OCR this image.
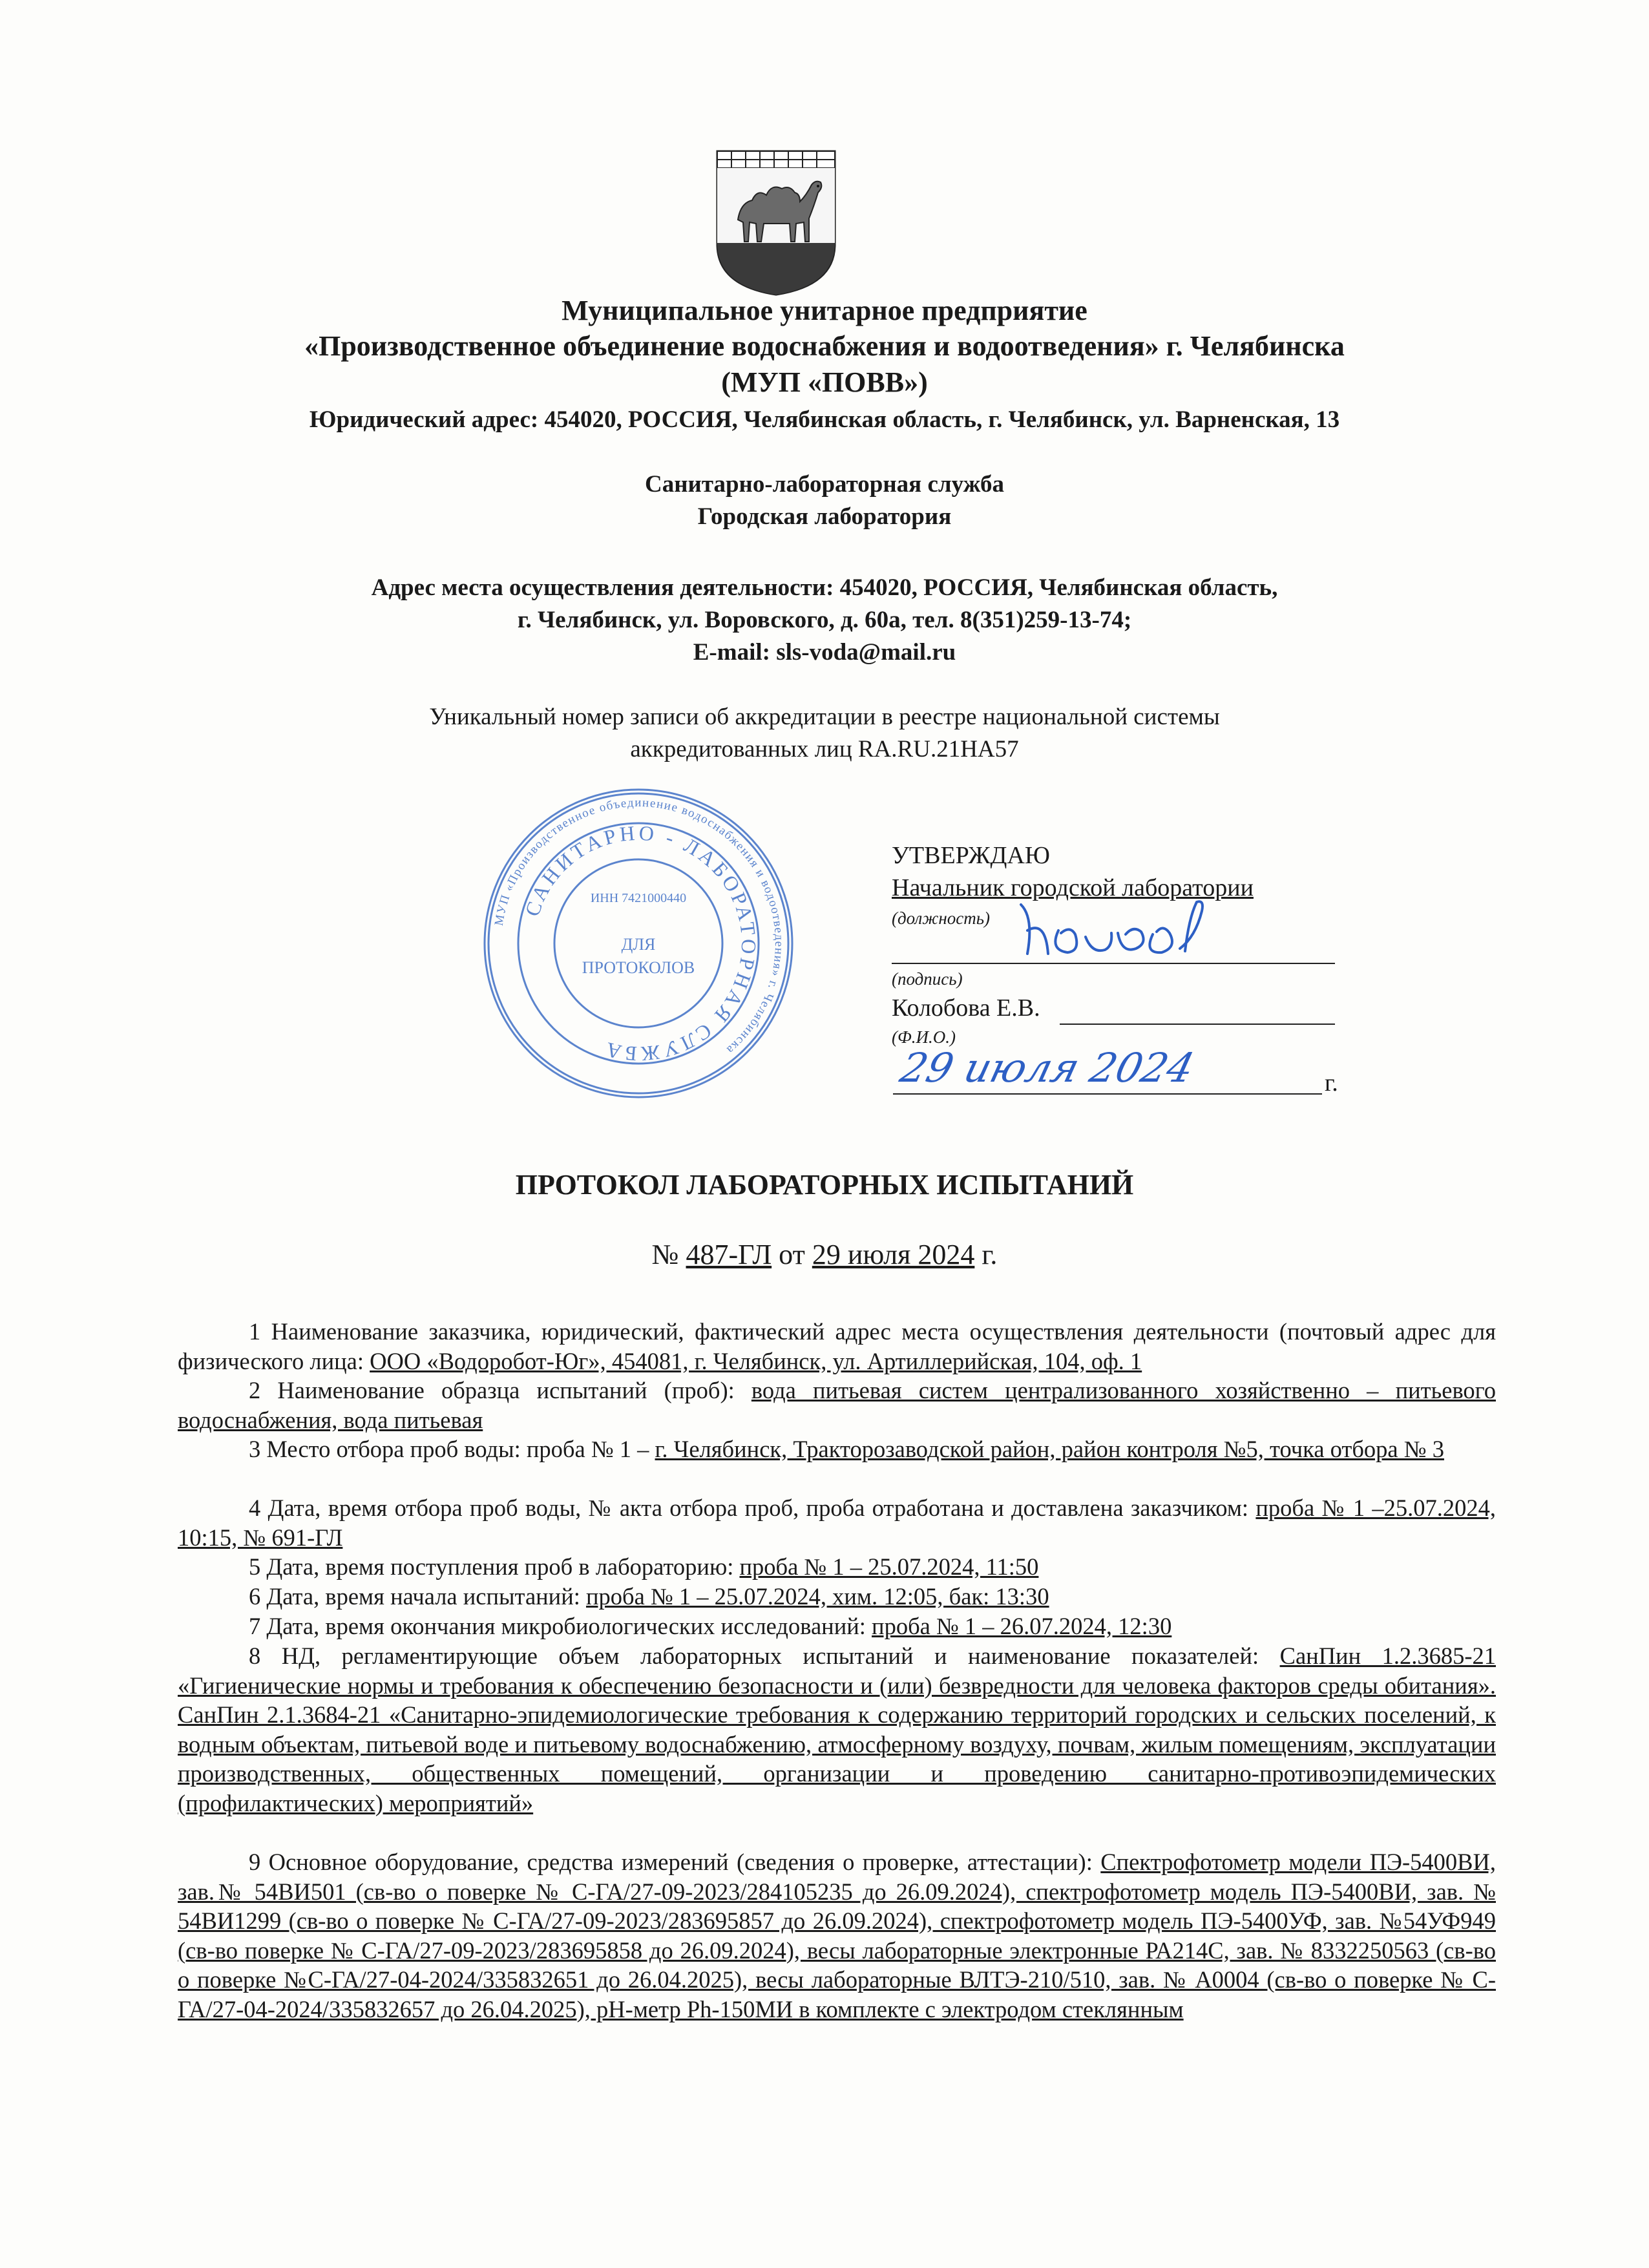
Муниципальное унитарное предприятие
«Производственное объединение водоснабжения и водоотведения» г. Челябинска
(МУП «ПОВВ»)
Юридический адрес: 454020, РОССИЯ, Челябинская область, г. Челябинск, ул. Варненская, 13
Санитарно-лабораторная служба
Городская лаборатория
Адрес места осуществления деятельности: 454020, РОССИЯ, Челябинская область,
г. Челябинск, ул. Воровского, д. 60а, тел. 8(351)259-13-74;
E-mail: sls-voda@mail.ru
Уникальный номер записи об аккредитации в реестре национальной системы
аккредитованных лиц RA.RU.21НА57
МУП «Производственное объединение водоснабжения и водоотведения» г. Челябинска
САНИТАРНО - ЛАБОРАТОРНАЯ СЛУЖБА
ИНН 7421000440
ДЛЯ
ПРОТОКОЛОВ
УТВЕРЖДАЮ
Начальник городской лаборатории
(должность)
(подпись)
Колобова Е.В.
(Ф.И.О.)
29 июля 2024	г.
ПРОТОКОЛ ЛАБОРАТОРНЫХ ИСПЫТАНИЙ
№ 487-ГЛ от 29 июля 2024 г.
1 Наименование заказчика, юридический, фактический адрес места осуществления деятельности (почтовый адрес для физического лица: ООО «Водоробот-Юг», 454081, г. Челябинск, ул. Артиллерийская, 104, оф. 1
2 Наименование образца испытаний (проб): вода питьевая систем централизованного хозяйственно – питьевого водоснабжения, вода питьевая
3 Место отбора проб воды: проба № 1 – г. Челябинск, Тракторозаводской район, район контроля №5, точка отбора № 3
4 Дата, время отбора проб воды, № акта отбора проб, проба отработана и доставлена заказчиком: проба № 1 –25.07.2024, 10:15, № 691-ГЛ
5 Дата, время поступления проб в лабораторию: проба № 1 – 25.07.2024, 11:50
6 Дата, время начала испытаний: проба № 1 – 25.07.2024, хим. 12:05, бак: 13:30
7 Дата, время окончания микробиологических исследований: проба № 1 – 26.07.2024, 12:30
8 НД, регламентирующие объем лабораторных испытаний и наименование показателей: СанПин 1.2.3685-21 «Гигиенические нормы и требования к обеспечению безопасности и (или) безвредности для человека факторов среды обитания». СанПин 2.1.3684-21 «Санитарно-эпидемиологические требования к содержанию территорий городских и сельских поселений, к водным объектам, питьевой воде и питьевому водоснабжению, атмосферному воздуху, почвам, жилым помещениям, эксплуатации производственных, общественных помещений, организации и проведению санитарно-противоэпидемических (профилактических) мероприятий»
9 Основное оборудование, средства измерений (сведения о проверке, аттестации): Спектрофотометр модели ПЭ-5400ВИ, зав.№ 54ВИ501 (св-во о поверке № С-ГА/27-09-2023/284105235 до 26.09.2024), спектрофотометр модель ПЭ-5400ВИ, зав. № 54ВИ1299 (св-во о поверке № С-ГА/27-09-2023/283695857 до 26.09.2024), спектрофотометр модель ПЭ-5400УФ, зав. №54УФ949 (св-во поверке № С-ГА/27-09-2023/283695858 до 26.09.2024), весы лабораторные электронные РА214С, зав. № 8332250563 (св-во о поверке №С-ГА/27-04-2024/335832651 до 26.04.2025), весы лабораторные ВЛТЭ-210/510, зав. № А0004 (св-во о поверке № С-ГА/27-04-2024/335832657 до 26.04.2025), рН-метр Ph-150МИ в комплекте с электродом стеклянным
